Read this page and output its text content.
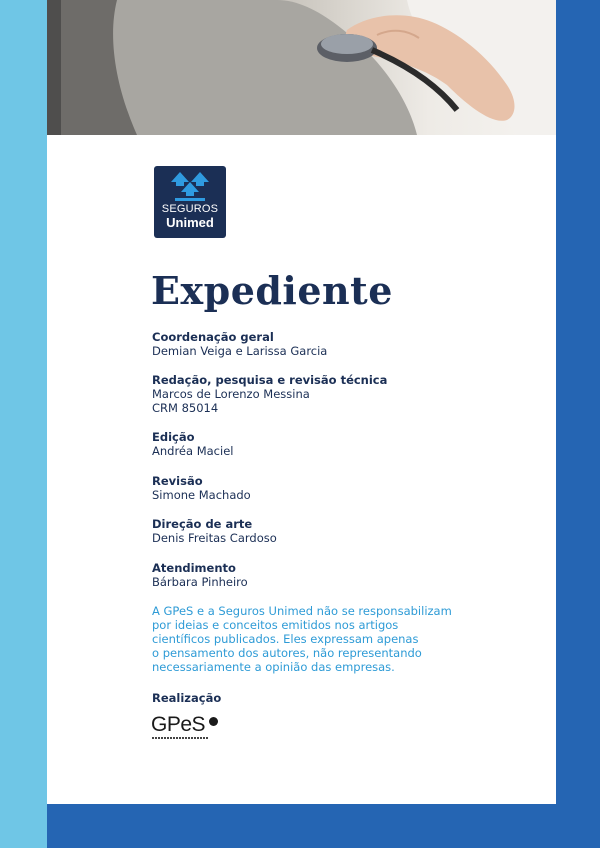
SEGUROS
Unimed
Expediente
Coordenação geral
Demian Veiga e Larissa Garcia
Redação, pesquisa e revisão técnica
Marcos de Lorenzo Messina
CRM 85014
Edição
Andréa Maciel
Revisão
Simone Machado
Direção de arte
Denis Freitas Cardoso
Atendimento
Bárbara Pinheiro
A GPeS e a Seguros Unimed não se responsabilizam
por ideias e conceitos emitidos nos artigos
científicos publicados. Eles expressam apenas
o pensamento dos autores, não representando
necessariamente a opinião das empresas.
Realização
GPeS
